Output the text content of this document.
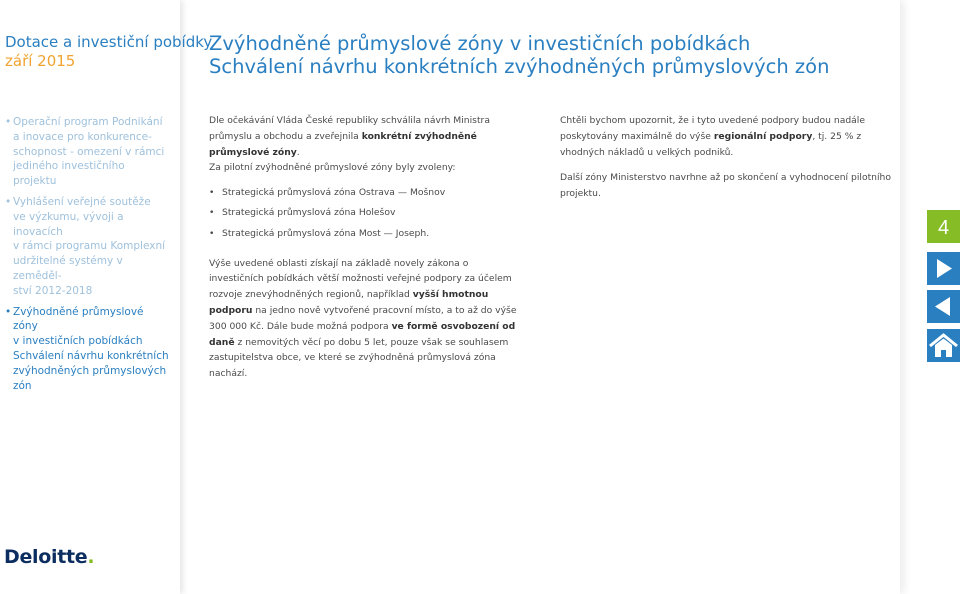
Dotace a investiční pobídky
září 2015
• Operační program Podnikání
a inovace pro konkurence-
schopnost - omezení v rámci
jediného investičního projektu
• Vyhlášení veřejné soutěže
ve výzkumu, vývoji a inovacích
v rámci programu Komplexní
udržitelné systémy v zeměděl-
ství 2012-2018
• Zvýhodněné průmyslové zóny
v investičních pobídkách
Schválení návrhu konkrétních
zvýhodněných průmyslových
zón
Deloitte.
Zvýhodněné průmyslové zóny v investičních pobídkách
Schválení návrhu konkrétních zvýhodněných průmyslových zón

Dle očekávání Vláda České republiky schválila návrh Ministra průmyslu a obchodu a zveřejnila konkrétní zvýhodněné průmyslové zóny.
Za pilotní zvýhodněné průmyslové zóny byly zvoleny:

• Strategická průmyslová zóna Ostrava — Mošnov
• Strategická průmyslová zóna Holešov
• Strategická průmyslová zóna Most — Joseph.

Výše uvedené oblasti získají na základě novely zákona o investičních pobídkách větší možnosti veřejné podpory za účelem rozvoje znevýhodněných regionů, například vyšší hmotnou podporu na jedno nově vytvořené pracovní místo, a to až do výše 300 000 Kč. Dále bude možná podpora ve formě osvobození od daně z nemovitých věcí po dobu 5 let, pouze však se souhlasem zastupitelstva obce, ve které se zvýhodněná průmyslová zóna nachází.

Chtěli bychom upozornit, že i tyto uvedené podpory budou nadále poskytovány maximálně do výše regionální podpory, tj. 25 % z vhodných nákladů u velkých podniků.

Další zóny Ministerstvo navrhne až po skončení a vyhodnocení pilotního projektu.

4
